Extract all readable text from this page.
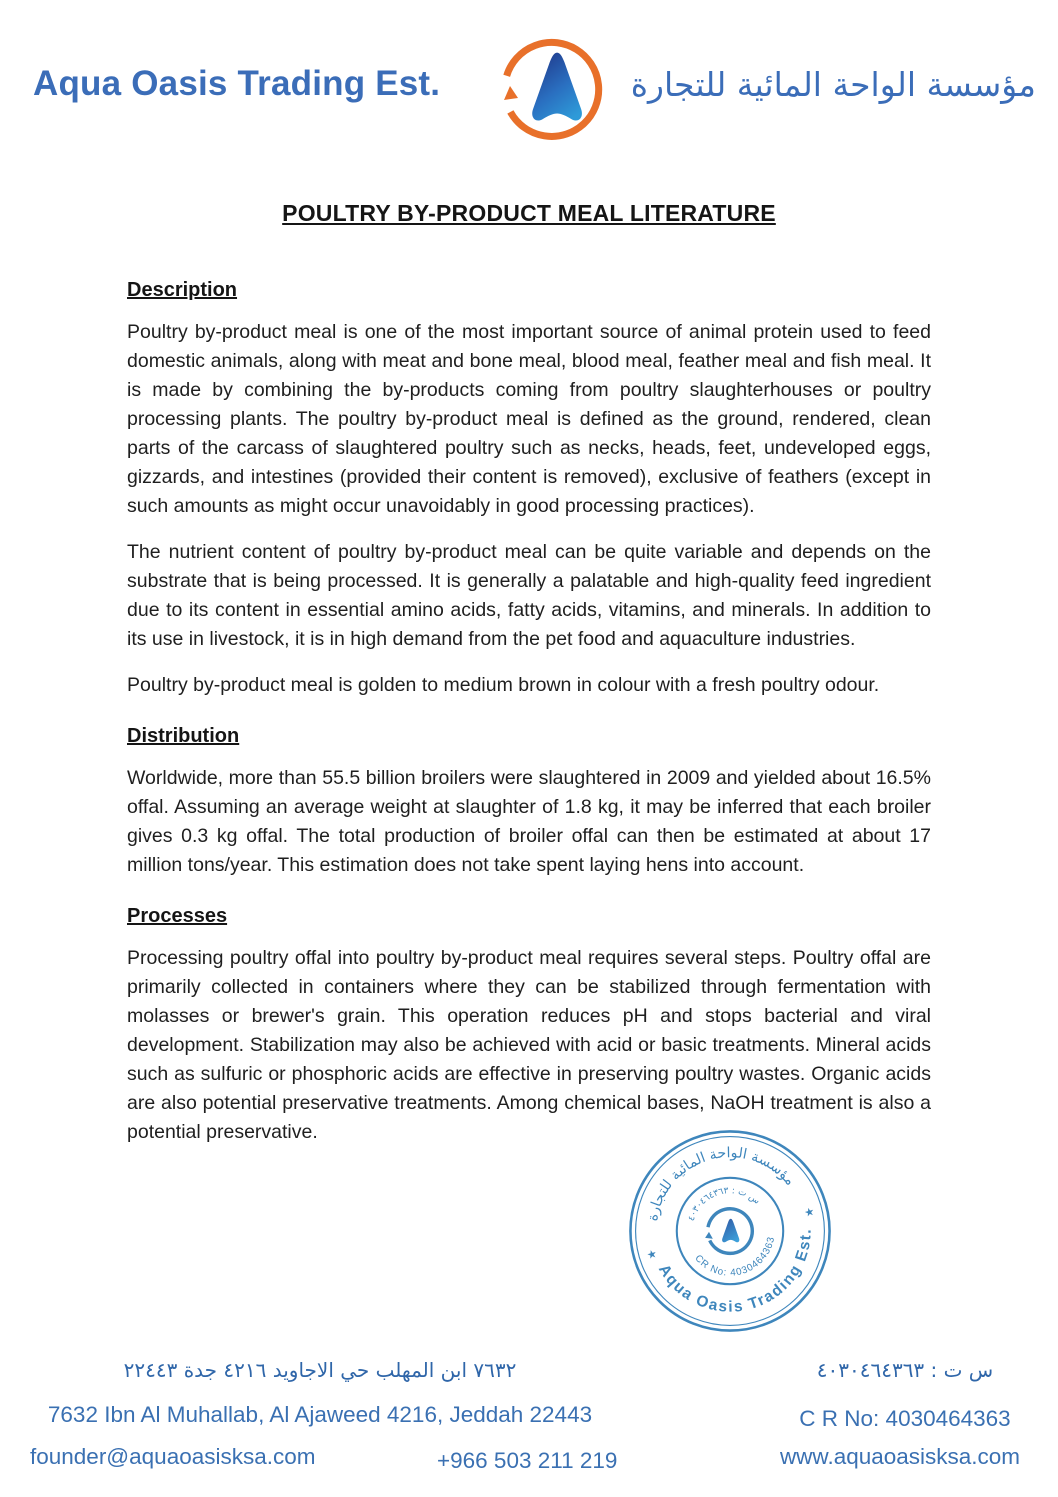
Aqua Oasis Trading Est.	مؤسسة الواحة المائية للتجارة
POULTRY BY-PRODUCT MEAL LITERATURE
Description

Poultry by-product meal is one of the most important source of animal protein used to feed domestic animals, along with meat and bone meal, blood meal, feather meal and fish meal. It is made by combining the by-products coming from poultry slaughterhouses or poultry processing plants. The poultry by-product meal is defined as the ground, rendered, clean parts of the carcass of slaughtered poultry such as necks, heads, feet, undeveloped eggs, gizzards, and intestines (provided their content is removed), exclusive of feathers (except in such amounts as might occur unavoidably in good processing practices).

The nutrient content of poultry by-product meal can be quite variable and depends on the substrate that is being processed. It is generally a palatable and high-quality feed ingredient due to its content in essential amino acids, fatty acids, vitamins, and minerals. In addition to its use in livestock, it is in high demand from the pet food and aquaculture industries.

Poultry by-product meal is golden to medium brown in colour with a fresh poultry odour.

Distribution

Worldwide, more than 55.5 billion broilers were slaughtered in 2009 and yielded about 16.5% offal. Assuming an average weight at slaughter of 1.8 kg, it may be inferred that each broiler gives 0.3 kg offal. The total production of broiler offal can then be estimated at about 17 million tons/year. This estimation does not take spent laying hens into account.

Processes

Processing poultry offal into poultry by-product meal requires several steps. Poultry offal are primarily collected in containers where they can be stabilized through fermentation with molasses or brewer's grain. This operation reduces pH and stops bacterial and viral development. Stabilization may also be achieved with acid or basic treatments. Mineral acids such as sulfuric or phosphoric acids are effective in preserving poultry wastes. Organic acids are also potential preservative treatments. Among chemical bases, NaOH treatment is also a potential preservative.

مؤسسة الواحة المائية للتجارة
Aqua Oasis Trading Est.
★
★
س ت : ٤٠٣٠٤٦٤٣٦٣
CR No: 4030464363
٧٦٣٢ ابن المهلب حي الاجاويد ٤٢١٦ جدة ٢٢٤٤٣	س ت : ٤٠٣٠٤٦٤٣٦٣
7632 Ibn Al Muhallab, Al Ajaweed 4216, Jeddah 22443	C R No: 4030464363
founder@aquaoasisksa.com	+966 503 211 219	www.aquaoasisksa.com
